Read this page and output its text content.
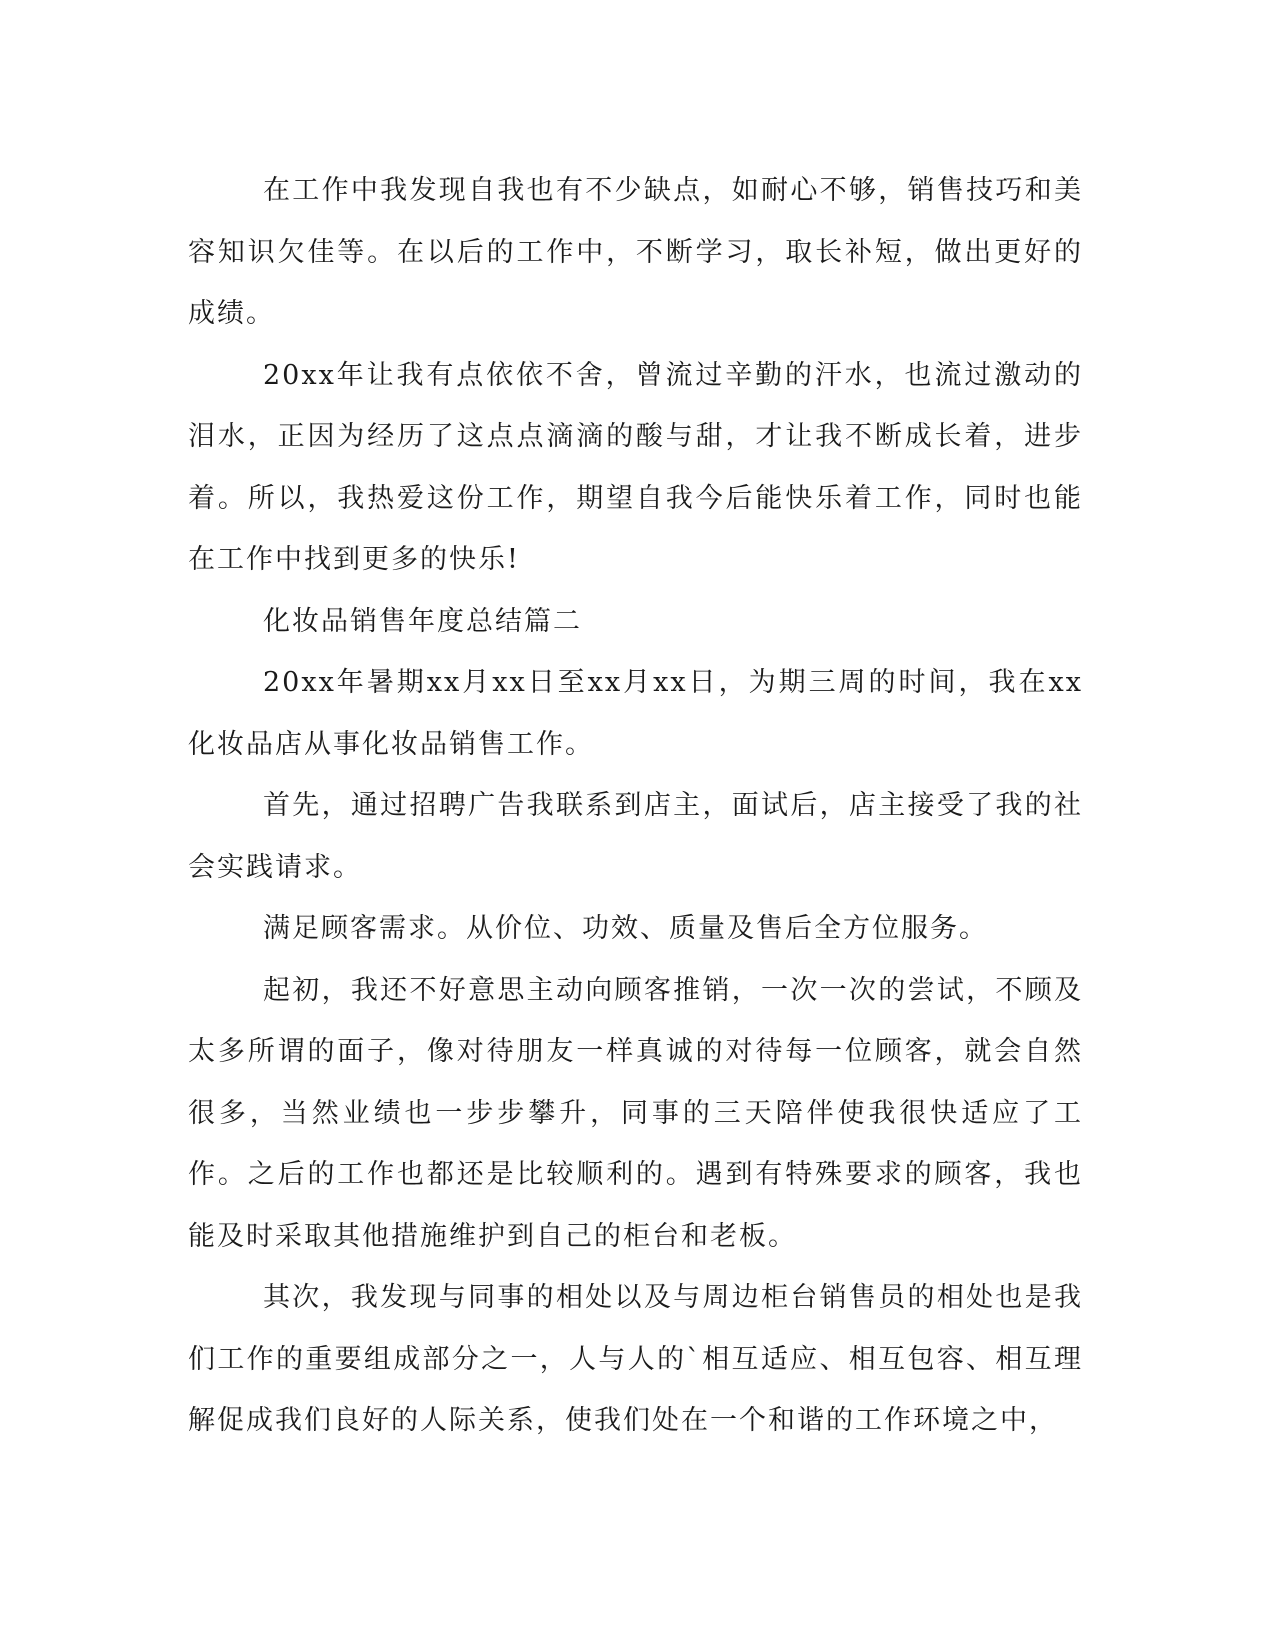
在工作中我发现自我也有不少缺点，如耐心不够，销售技巧和美容知识欠佳等。在以后的工作中，不断学习，取长补短，做出更好的成绩。

20xx年让我有点依依不舍，曾流过辛勤的汗水，也流过激动的泪水，正因为经历了这点点滴滴的酸与甜，才让我不断成长着，进步着。所以，我热爱这份工作，期望自我今后能快乐着工作，同时也能在工作中找到更多的快乐!

化妆品销售年度总结篇二

20xx年暑期xx月xx日至xx月xx日，为期三周的时间，我在xx化妆品店从事化妆品销售工作。

首先，通过招聘广告我联系到店主，面试后，店主接受了我的社会实践请求。

满足顾客需求。从价位、功效、质量及售后全方位服务。

起初，我还不好意思主动向顾客推销，一次一次的尝试，不顾及太多所谓的面子，像对待朋友一样真诚的对待每一位顾客，就会自然很多，当然业绩也一步步攀升，同事的三天陪伴使我很快适应了工作。之后的工作也都还是比较顺利的。遇到有特殊要求的顾客，我也能及时采取其他措施维护到自己的柜台和老板。

其次，我发现与同事的相处以及与周边柜台销售员的相处也是我们工作的重要组成部分之一，人与人的`相互适应、相互包容、相互理解促成我们良好的人际关系，使我们处在一个和谐的工作环境之中，
